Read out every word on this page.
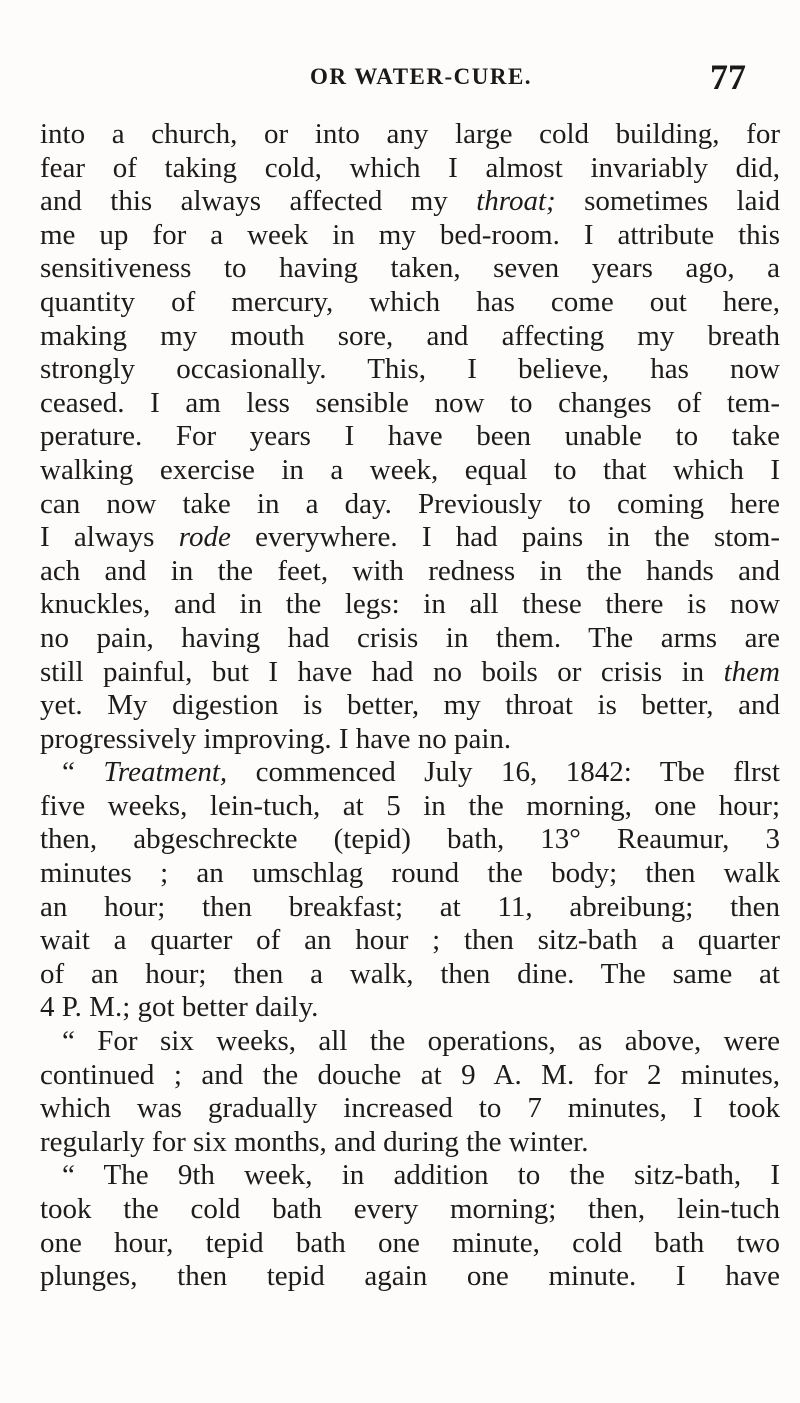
OR WATER-CURE.	77
into a church, or into any large cold building, for
fear of taking cold, which I almost invariably did,
and this always affected my throat; sometimes laid
me up for a week in my bed-room. I attribute this
sensitiveness to having taken, seven years ago, a
quantity of mercury, which has come out here,
making my mouth sore, and affecting my breath
strongly occasionally. This, I believe, has now
ceased. I am less sensible now to changes of tem-
perature. For years I have been unable to take
walking exercise in a week, equal to that which I
can now take in a day. Previously to coming here
I always rode everywhere. I had pains in the stom-
ach and in the feet, with redness in the hands and
knuckles, and in the legs: in all these there is now
no pain, having had crisis in them. The arms are
still painful, but I have had no boils or crisis in them
yet. My digestion is better, my throat is better, and
progressively improving. I have no pain.
“ Treatment, commenced July 16, 1842: Tbe flrst
five weeks, lein-tuch, at 5 in the morning, one hour;
then, abgeschreckte (tepid) bath, 13° Reaumur, 3
minutes ; an umschlag round the body; then walk
an hour; then breakfast; at 11, abreibung; then
wait a quarter of an hour ; then sitz-bath a quarter
of an hour; then a walk, then dine. The same at
4 P. M.; got better daily.
“ For six weeks, all the operations, as above, were
continued ; and the douche at 9 A. M. for 2 minutes,
which was gradually increased to 7 minutes, I took
regularly for six months, and during the winter.
“ The 9th week, in addition to the sitz-bath, I
took the cold bath every morning; then, lein-tuch
one hour, tepid bath one minute, cold bath two
plunges, then tepid again one minute. I have
